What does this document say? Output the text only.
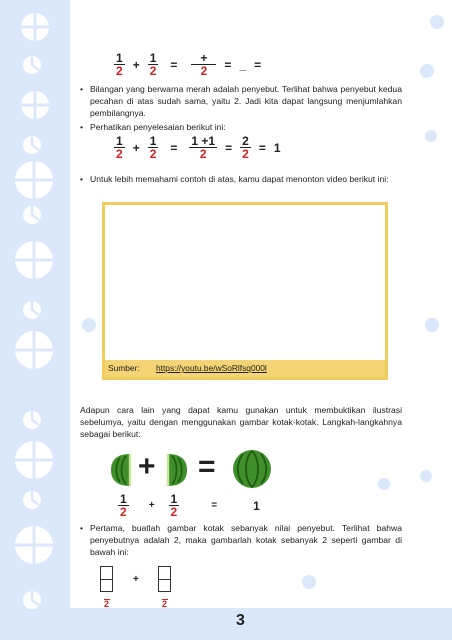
3
$\frac{1}{2} + \frac{1}{2} = \frac{+}{2}$ = _ =
• Bilangan yang berwarna merah adalah penyebut. Terlihat bahwa penyebut kedua pecahan di atas sudah sama, yaitu 2. Jadi kita dapat langsung menjumlahkan pembilangnya.
• Perhatikan penyelesaian berikut ini:
$\frac{1}{2} + \frac{1}{2} = \frac{1 +1}{2} = \frac{2}{2} = 1$
• Untuk lebih memahami contoh di atas, kamu dapat menonton video berikut ini:
Sumber: https://youtu.be/wSoRlfsq000l
Adapun cara lain yang dapat kamu gunakan untuk membuktikan ilustrasi sebelumya, yaitu dengan menggunakan gambar kotak-kotak. Langkah-langkahnya sebagai berikut:
+ =
$\frac{1}{2} + \frac{1}{2}$	=	1
• Pertama, buatlah gambar kotak sebanyak nilai penyebut. Terlihat bahwa penyebutnya adalah 2, maka gambarlah kotak sebanyak 2 seperti gambar di bawah ini:
2
+
2
